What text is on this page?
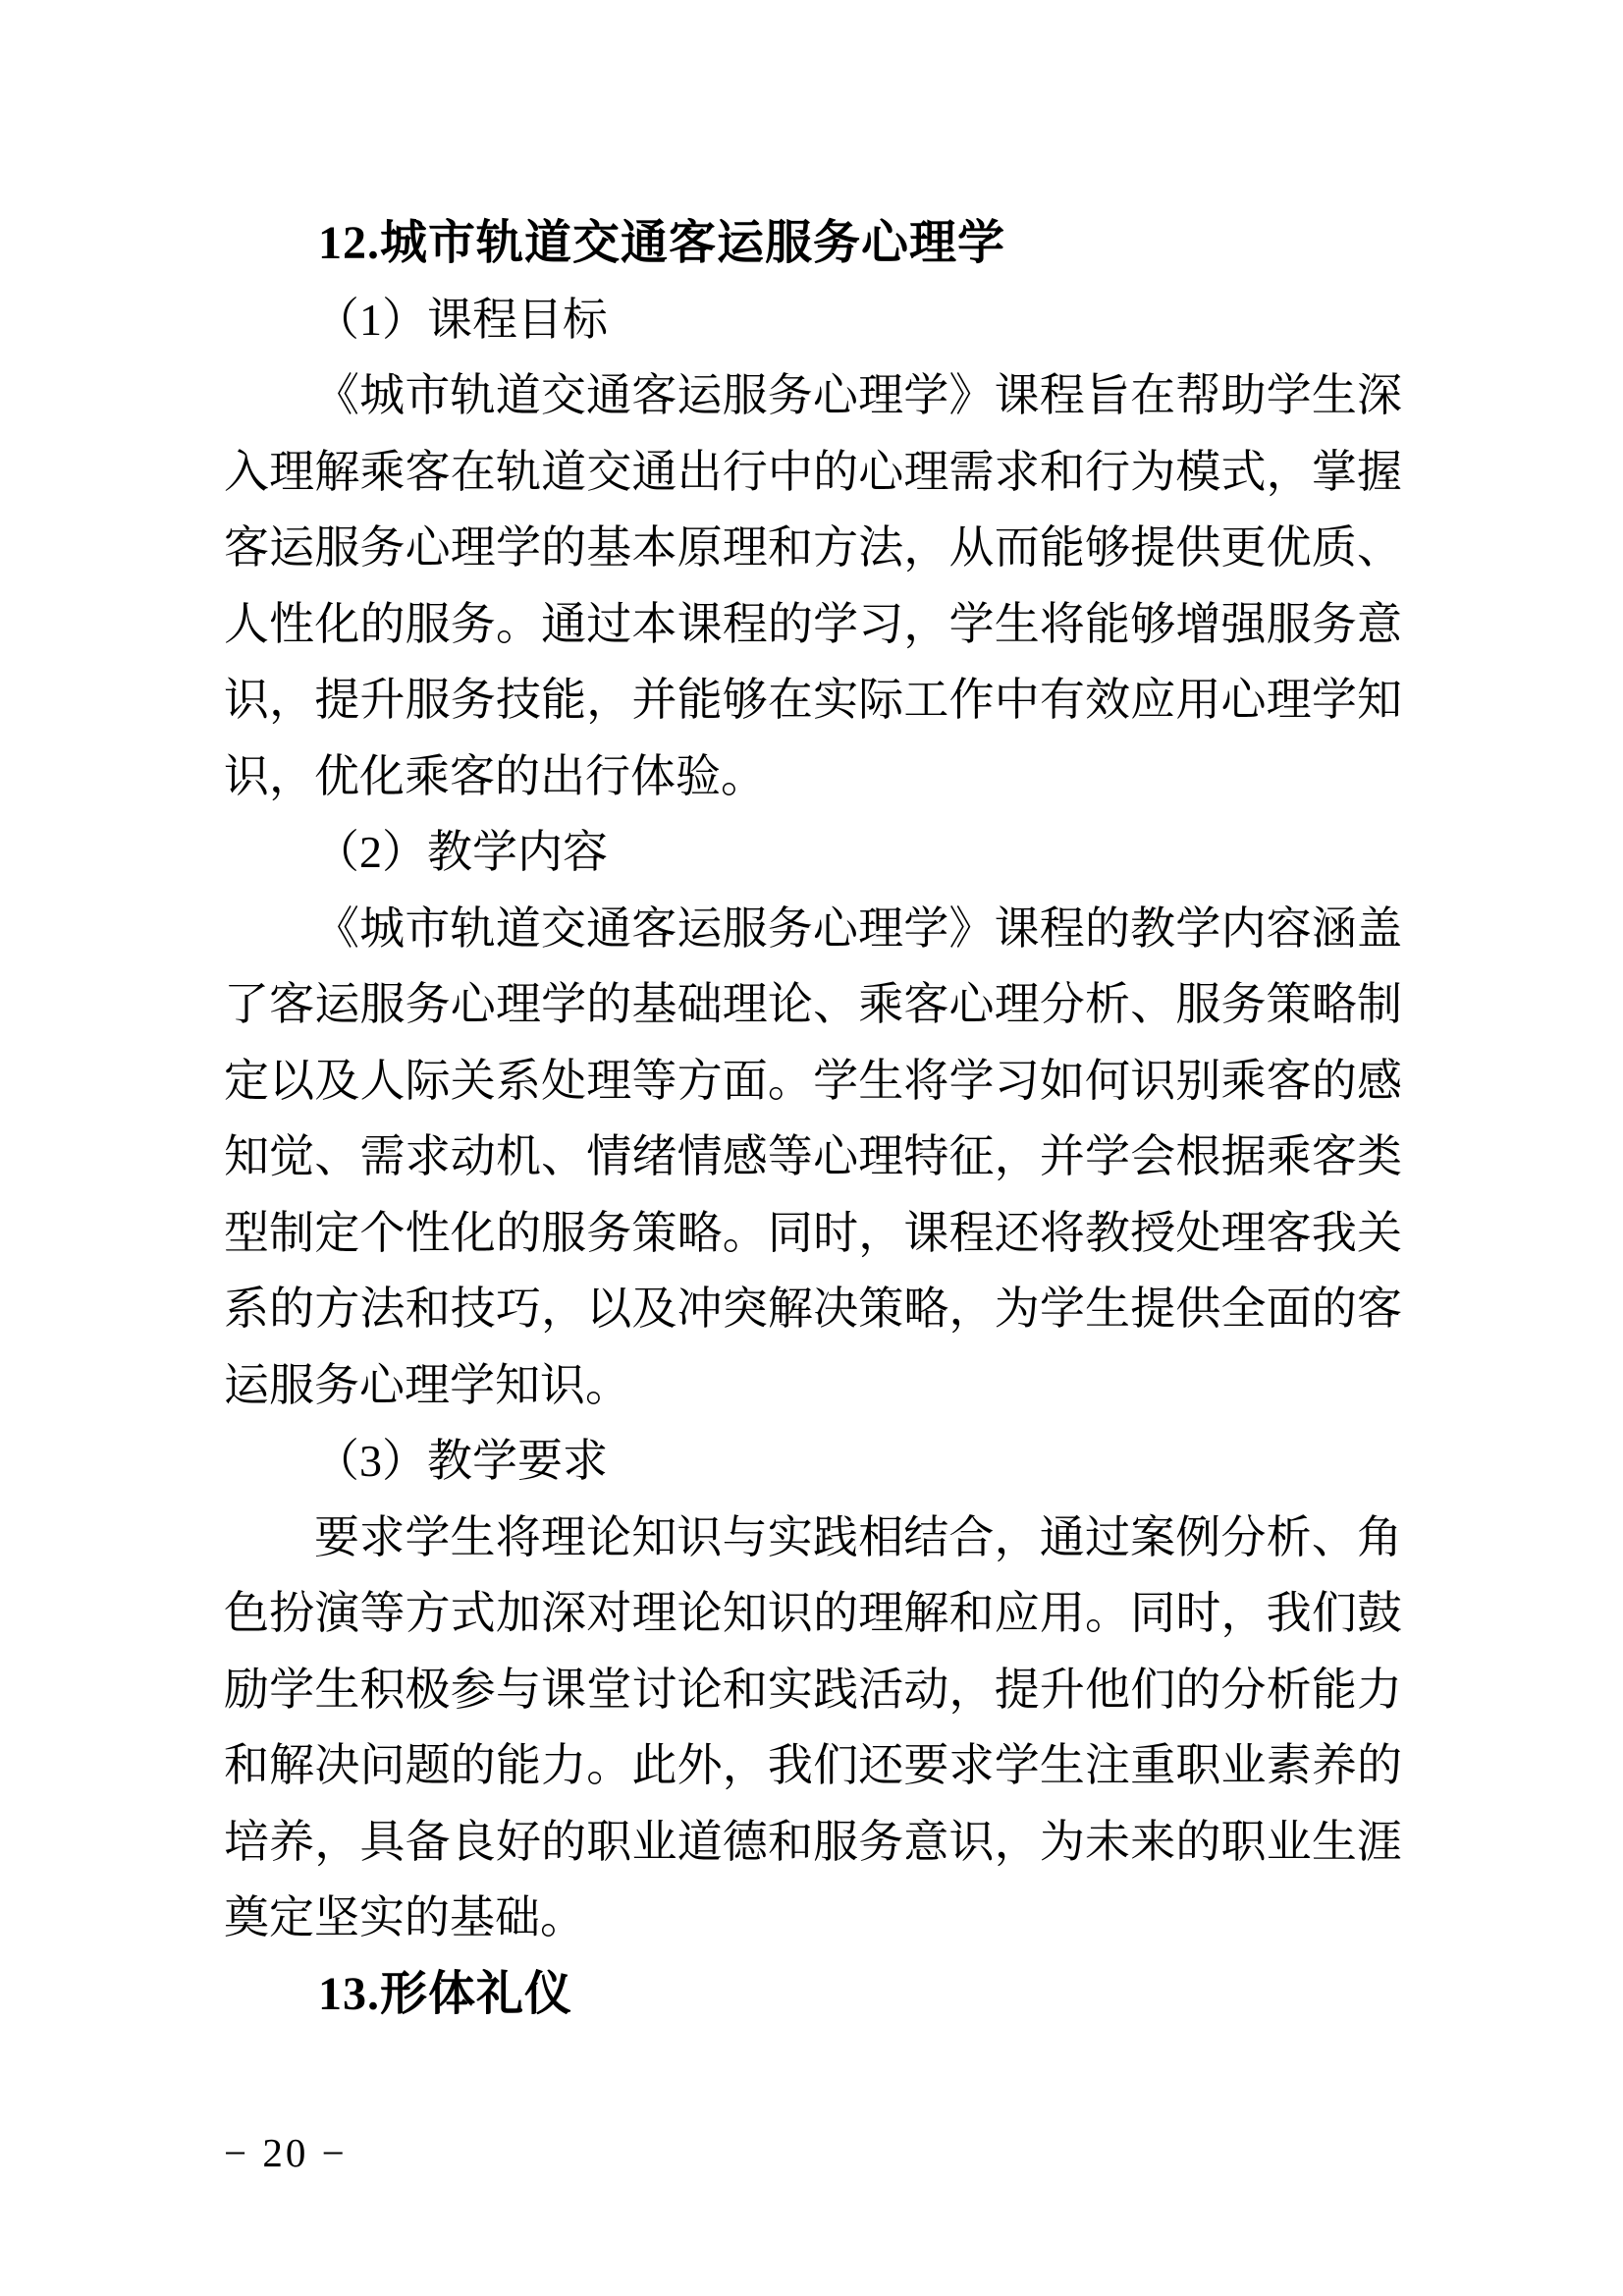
12.城市轨道交通客运服务心理学
（1）课程目标
《城市轨道交通客运服务心理学》课程旨在帮助学生深
入理解乘客在轨道交通出行中的心理需求和行为模式，掌握
客运服务心理学的基本原理和方法，从而能够提供更优质、
人性化的服务。通过本课程的学习，学生将能够增强服务意
识，提升服务技能，并能够在实际工作中有效应用心理学知
识，优化乘客的出行体验。
（2）教学内容
《城市轨道交通客运服务心理学》课程的教学内容涵盖
了客运服务心理学的基础理论、乘客心理分析、服务策略制
定以及人际关系处理等方面。学生将学习如何识别乘客的感
知觉、需求动机、情绪情感等心理特征，并学会根据乘客类
型制定个性化的服务策略。同时，课程还将教授处理客我关
系的方法和技巧，以及冲突解决策略，为学生提供全面的客
运服务心理学知识。
（3）教学要求
要求学生将理论知识与实践相结合，通过案例分析、角
色扮演等方式加深对理论知识的理解和应用。同时，我们鼓
励学生积极参与课堂讨论和实践活动，提升他们的分析能力
和解决问题的能力。此外，我们还要求学生注重职业素养的
培养，具备良好的职业道德和服务意识，为未来的职业生涯
奠定坚实的基础。
13.形体礼仪
− 20 −
